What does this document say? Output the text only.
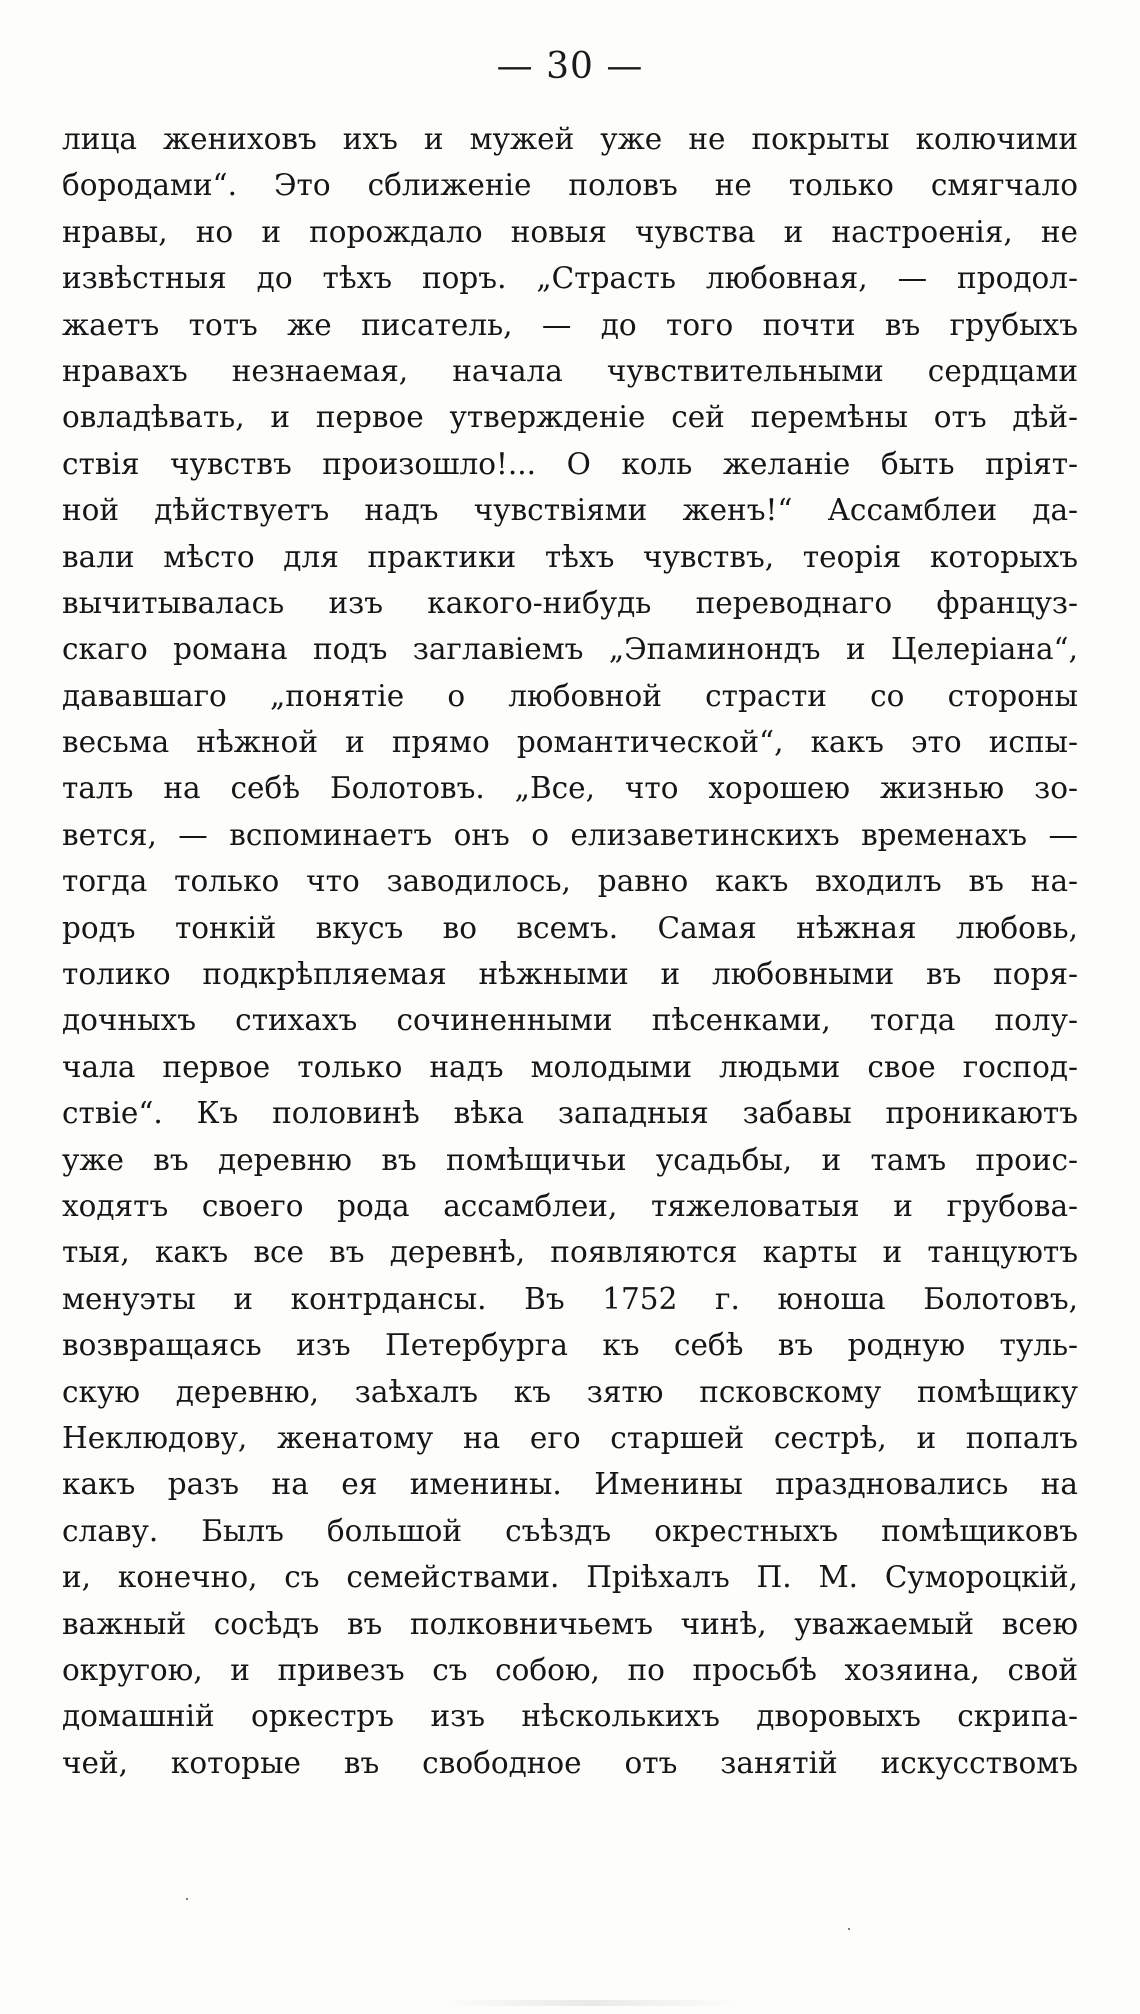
— 30 —
лица жениховъ ихъ и мужей уже не покрыты колючими
бородами“. Это сближеніе половъ не только смягчало
нравы, но и порождало новыя чувства и настроенія, не
извѣстныя до тѣхъ поръ. „Страсть любовная, — продол-
жаетъ тотъ же писатель, — до того почти въ грубыхъ
нравахъ незнаемая, начала чувствительными сердцами
овладѣвать, и первое утвержденіе сей перемѣны отъ дѣй-
ствія чувствъ произошло!... О коль желаніе быть пріят-
ной дѣйствуетъ надъ чувствіями женъ!“ Ассамблеи да-
вали мѣсто для практики тѣхъ чувствъ, теорія которыхъ
вычитывалась изъ какого-нибудь переводнаго француз-
скаго романа подъ заглавіемъ „Эпаминондъ и Целеріана“,
дававшаго „понятіе о любовной страсти со стороны
весьма нѣжной и прямо романтической“, какъ это испы-
талъ на себѣ Болотовъ. „Все, что хорошею жизнью зо-
вется, — вспоминаетъ онъ о елизаветинскихъ временахъ —
тогда только что заводилось, равно какъ входилъ въ на-
родъ тонкій вкусъ во всемъ. Самая нѣжная любовь,
толико подкрѣпляемая нѣжными и любовными въ поря-
дочныхъ стихахъ сочиненными пѣсенками, тогда полу-
чала первое только надъ молодыми людьми свое господ-
ствіе“. Къ половинѣ вѣка западныя забавы проникаютъ
уже въ деревню въ помѣщичьи усадьбы, и тамъ проис-
ходятъ своего рода ассамблеи, тяжеловатыя и грубова-
тыя, какъ все въ деревнѣ, появляются карты и танцуютъ
менуэты и контрдансы. Въ 1752 г. юноша Болотовъ,
возвращаясь изъ Петербурга къ себѣ въ родную туль-
скую деревню, заѣхалъ къ зятю псковскому помѣщику
Неклюдову, женатому на его старшей сестрѣ, и попалъ
какъ разъ на ея именины. Именины праздновались на
славу. Былъ большой съѣздъ окрестныхъ помѣщиковъ
и, конечно, съ семействами. Пріѣхалъ П. М. Сумороцкій,
важный сосѣдъ въ полковничьемъ чинѣ, уважаемый всею
округою, и привезъ съ собою, по просьбѣ хозяина, свой
домашній оркестръ изъ нѣсколькихъ дворовыхъ скрипа-
чей, которые въ свободное отъ занятій искусствомъ
